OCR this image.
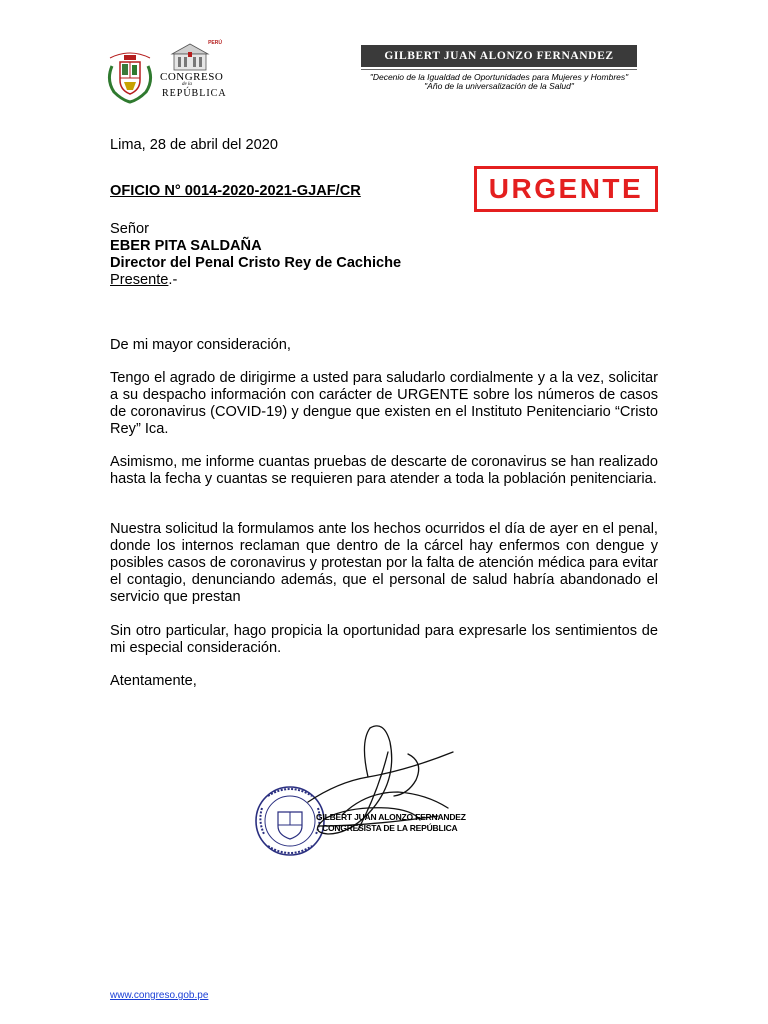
PERÚ
CONGRESO
de la
REPÚBLICA
GILBERT JUAN ALONZO FERNANDEZ
"Decenio de la Igualdad de Oportunidades para Mujeres y Hombres"
"Año de la universalización de la Salud"
Lima, 28 de abril del 2020
OFICIO N° 0014-2020-2021-GJAF/CR	URGENTE
Señor
EBER PITA SALDAÑA
Director del Penal Cristo Rey de Cachiche
Presente.-
De mi mayor consideración,
Tengo el agrado de dirigirme a usted para saludarlo cordialmente y a la vez, solicitar a su despacho información con carácter de URGENTE sobre los números de casos de coronavirus (COVID-19) y dengue que existen en el Instituto Penitenciario “Cristo Rey” Ica.
Asimismo, me informe cuantas pruebas de descarte de coronavirus se han realizado hasta la fecha y cuantas se requieren para atender a toda la población penitenciaria.
Nuestra solicitud la formulamos ante los hechos ocurridos el día de ayer en el penal, donde los internos reclaman que dentro de la cárcel hay enfermos con dengue y posibles casos de coronavirus y protestan por la falta de atención médica para evitar el contagio, denunciando además, que el personal de salud habría abandonado el servicio que prestan
Sin otro particular, hago propicia la oportunidad para expresarle los sentimientos de mi especial consideración.
Atentamente,
GILBERT JUAN ALONZO FERNANDEZ
CONGRESISTA DE LA REPÚBLICA
www.congreso.gob.pe
